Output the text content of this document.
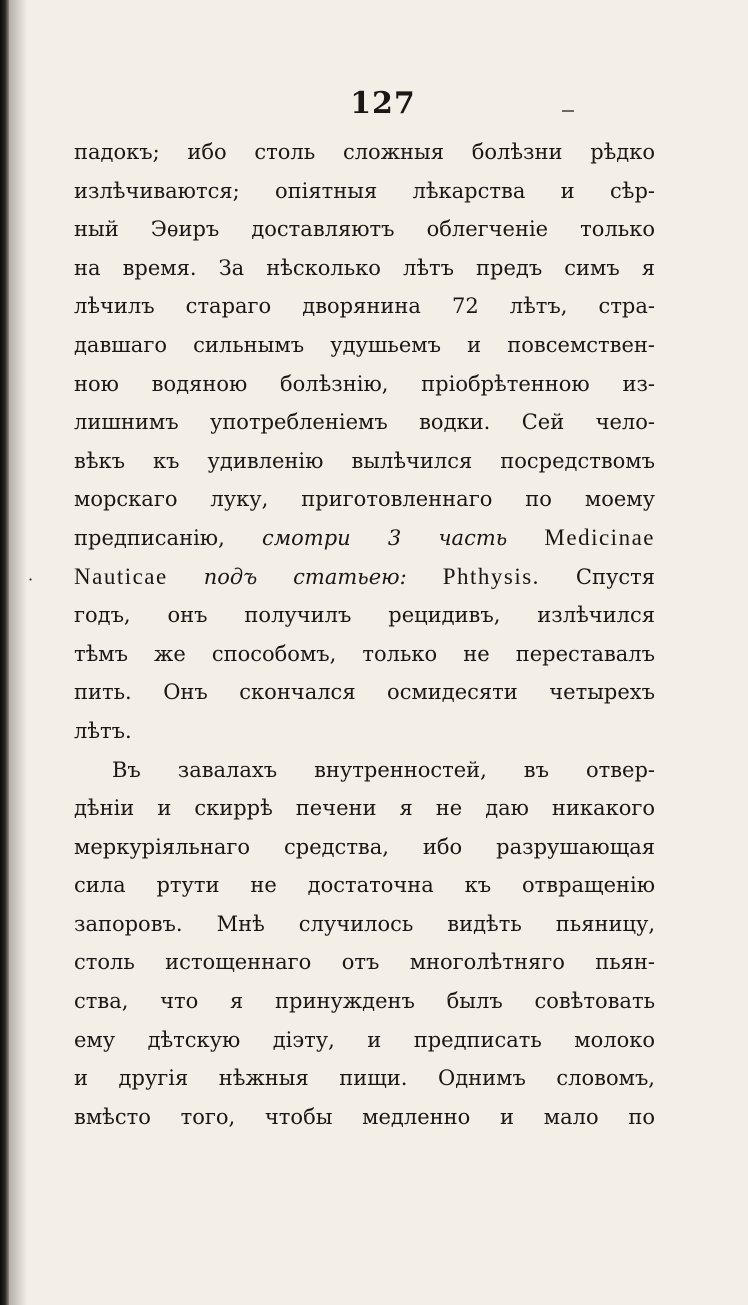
127
·
падокъ; ибо столь сложныя болѣзни рѣдко
излѣчиваются; опіятныя лѣкарства и сѣр-
ный Эѳиръ доставляютъ облегченіе только
на время. За нѣсколько лѣтъ предъ симъ я
лѣчилъ стараго дворянина 72 лѣтъ, стра-
давшаго сильнымъ удушьемъ и повсемствен-
ною водяною болѣзнію, пріобрѣтенною из-
лишнимъ употребленіемъ водки. Сей чело-
вѣкъ къ удивленію вылѣчился посредствомъ
морскаго луку, приготовленнаго по моему
предписанію, смотри 3 часть Medicinae
Nauticae подъ статьею: Phthysis. Спустя
годъ, онъ получилъ рецидивъ, излѣчился
тѣмъ же способомъ, только не переставалъ
пить. Онъ скончался осмидесяти четырехъ
лѣтъ.
Въ завалахъ внутренностей, въ отвер-
дѣніи и скиррѣ печени я не даю никакого
меркуріяльнаго средства, ибо разрушающая
сила ртути не достаточна къ отвращенію
запоровъ. Мнѣ случилось видѣть пьяницу,
столь истощеннаго отъ многолѣтняго пьян-
ства, что я принужденъ былъ совѣтовать
ему дѣтскую діэту, и предписать молоко
и другія нѣжныя пищи. Однимъ словомъ,
вмѣсто того, чтобы медленно и мало по
